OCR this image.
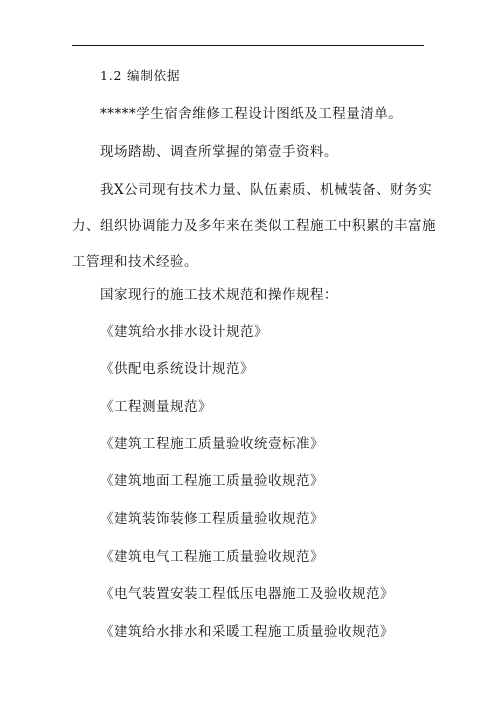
1.2 编制依据
*****学生宿舍维修工程设计图纸及工程量清单。
现场踏勘、调查所掌握的第壹手资料。
我X公司现有技术力量、队伍素质、机械装备、财务实
力、组织协调能力及多年来在类似工程施工中积累的丰富施
工管理和技术经验。
国家现行的施工技术规范和操作规程：
《建筑给水排水设计规范》
《供配电系统设计规范》
《工程测量规范》
《建筑工程施工质量验收统壹标准》
《建筑地面工程施工质量验收规范》
《建筑装饰装修工程质量验收规范》
《建筑电气工程施工质量验收规范》
《电气装置安装工程低压电器施工及验收规范》
《建筑给水排水和采暖工程施工质量验收规范》
